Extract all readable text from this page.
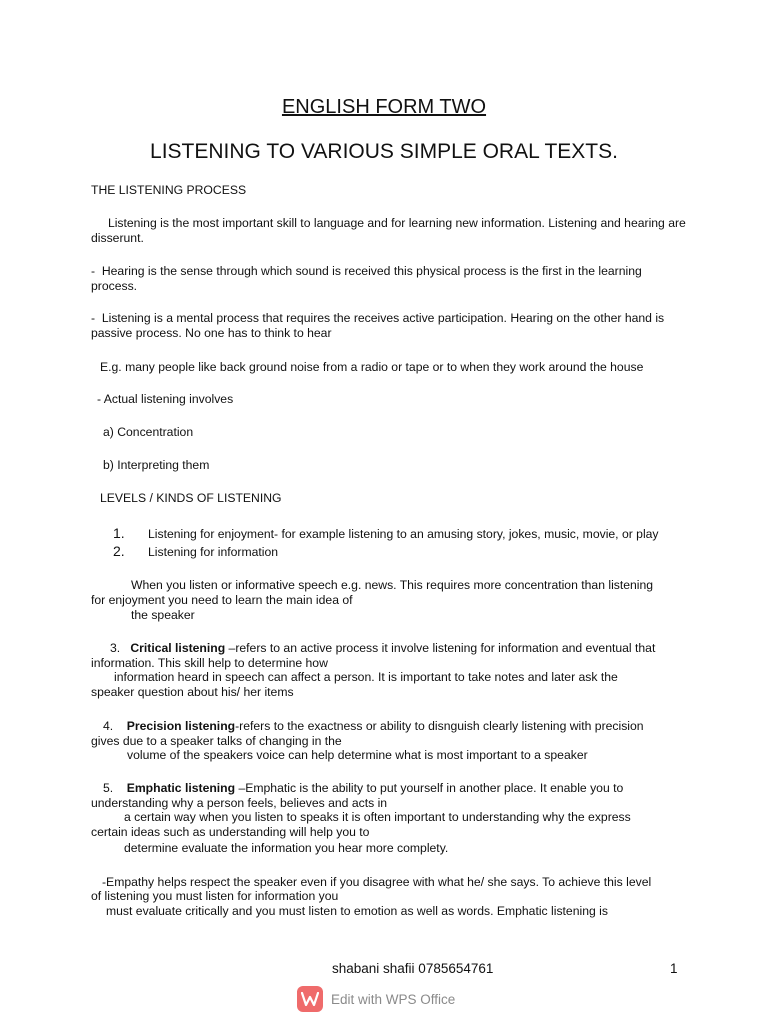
ENGLISH FORM TWO
LISTENING TO VARIOUS SIMPLE ORAL TEXTS.
THE LISTENING PROCESS
Listening is the most important skill to language and for learning new information. Listening and hearing are disserunt.
-  Hearing is the sense through which sound is received this physical process is the first in the learning process.
-  Listening is a mental process that requires the receives active participation. Hearing on the other hand is passive process. No one has to think to hear
E.g. many people like back ground noise from a radio or tape or to when they work around the house
- Actual listening involves
a) Concentration
b) Interpreting them
LEVELS / KINDS OF LISTENING
1. Listening for enjoyment- for example listening to an amusing story, jokes, music, movie, or play
2. Listening for information
When you listen or informative speech e.g. news. This requires more concentration than listening
for enjoyment you need to learn the main idea of
the speaker
3. Critical listening –refers to an active process it involve listening for information and eventual that
information. This skill help to determine how
information heard in speech can affect a person. It is important to take notes and later ask the
speaker question about his/ her items
4. Precision listening-refers to the exactness or ability to disnguish clearly listening with precision
gives due to a speaker talks of changing in the
volume of the speakers voice can help determine what is most important to a speaker
5. Emphatic listening –Emphatic is the ability to put yourself in another place. It enable you to
understanding why a person feels, believes and acts in
a certain way when you listen to speaks it is often important to understanding why the express
certain ideas such as understanding will help you to
determine evaluate the information you hear more complety.
-Empathy helps respect the speaker even if you disagree with what he/ she says. To achieve this level
of listening you must listen for information you
must evaluate critically and you must listen to emotion as well as words. Emphatic listening is
shabani shafii 0785654761	1
Edit with WPS Office
